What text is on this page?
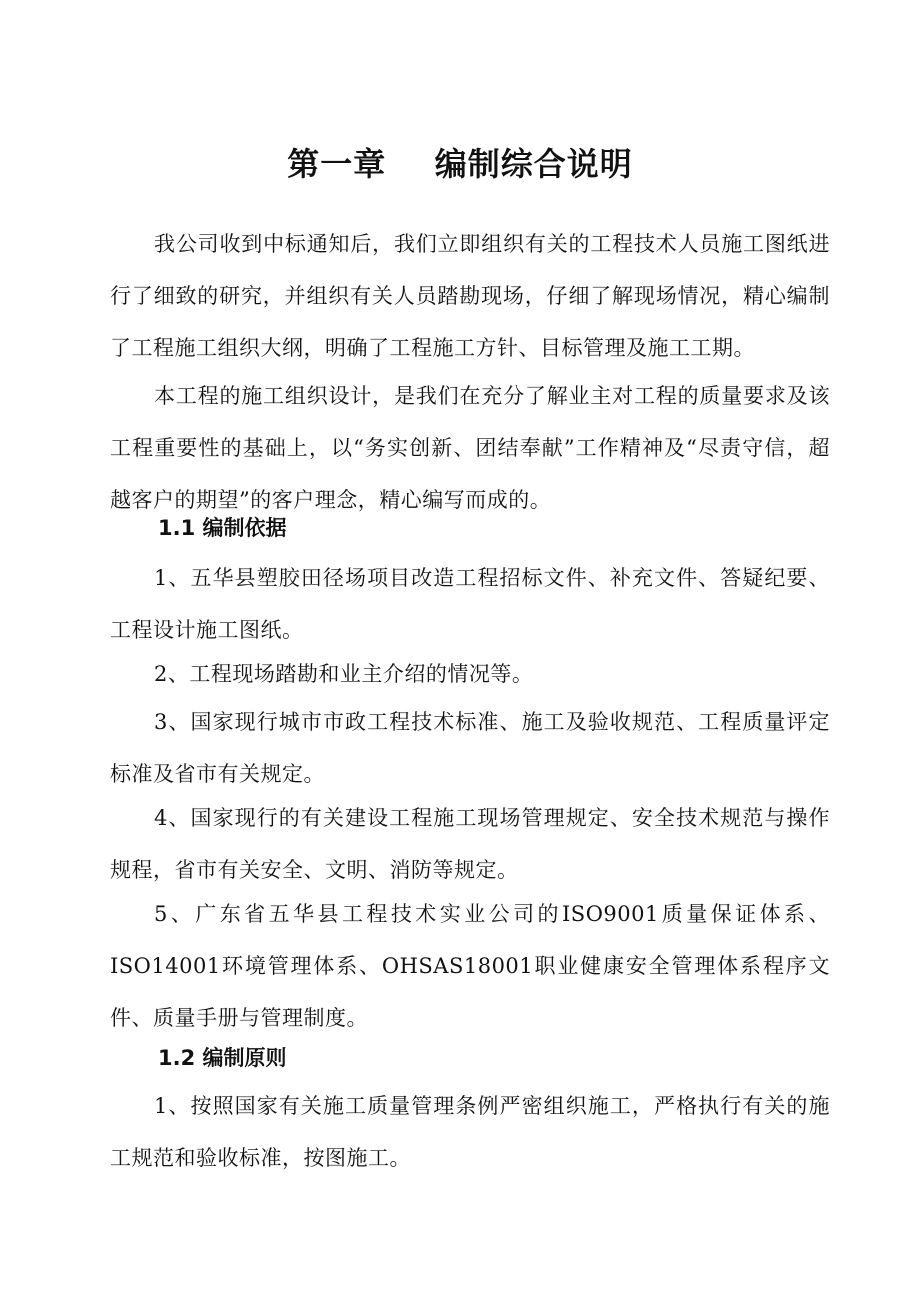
第一章    编制综合说明

我公司收到中标通知后，我们立即组织有关的工程技术人员施工图纸进行了细致的研究，并组织有关人员踏勘现场，仔细了解现场情况，精心编制了工程施工组织大纲，明确了工程施工方针、目标管理及施工工期。

本工程的施工组织设计，是我们在充分了解业主对工程的质量要求及该工程重要性的基础上，以“务实创新、团结奉献”工作精神及“尽责守信，超越客户的期望”的客户理念，精心编写而成的。

1.1 编制依据

1、五华县塑胶田径场项目改造工程招标文件、补充文件、答疑纪要、工程设计施工图纸。

2、工程现场踏勘和业主介绍的情况等。

3、国家现行城市市政工程技术标准、施工及验收规范、工程质量评定标准及省市有关规定。

4、国家现行的有关建设工程施工现场管理规定、安全技术规范与操作规程，省市有关安全、文明、消防等规定。

5、广东省五华县工程技术实业公司的ISO9001质量保证体系、ISO14001环境管理体系、OHSAS18001职业健康安全管理体系程序文件、质量手册与管理制度。

1.2 编制原则

1、按照国家有关施工质量管理条例严密组织施工，严格执行有关的施工规范和验收标准，按图施工。
